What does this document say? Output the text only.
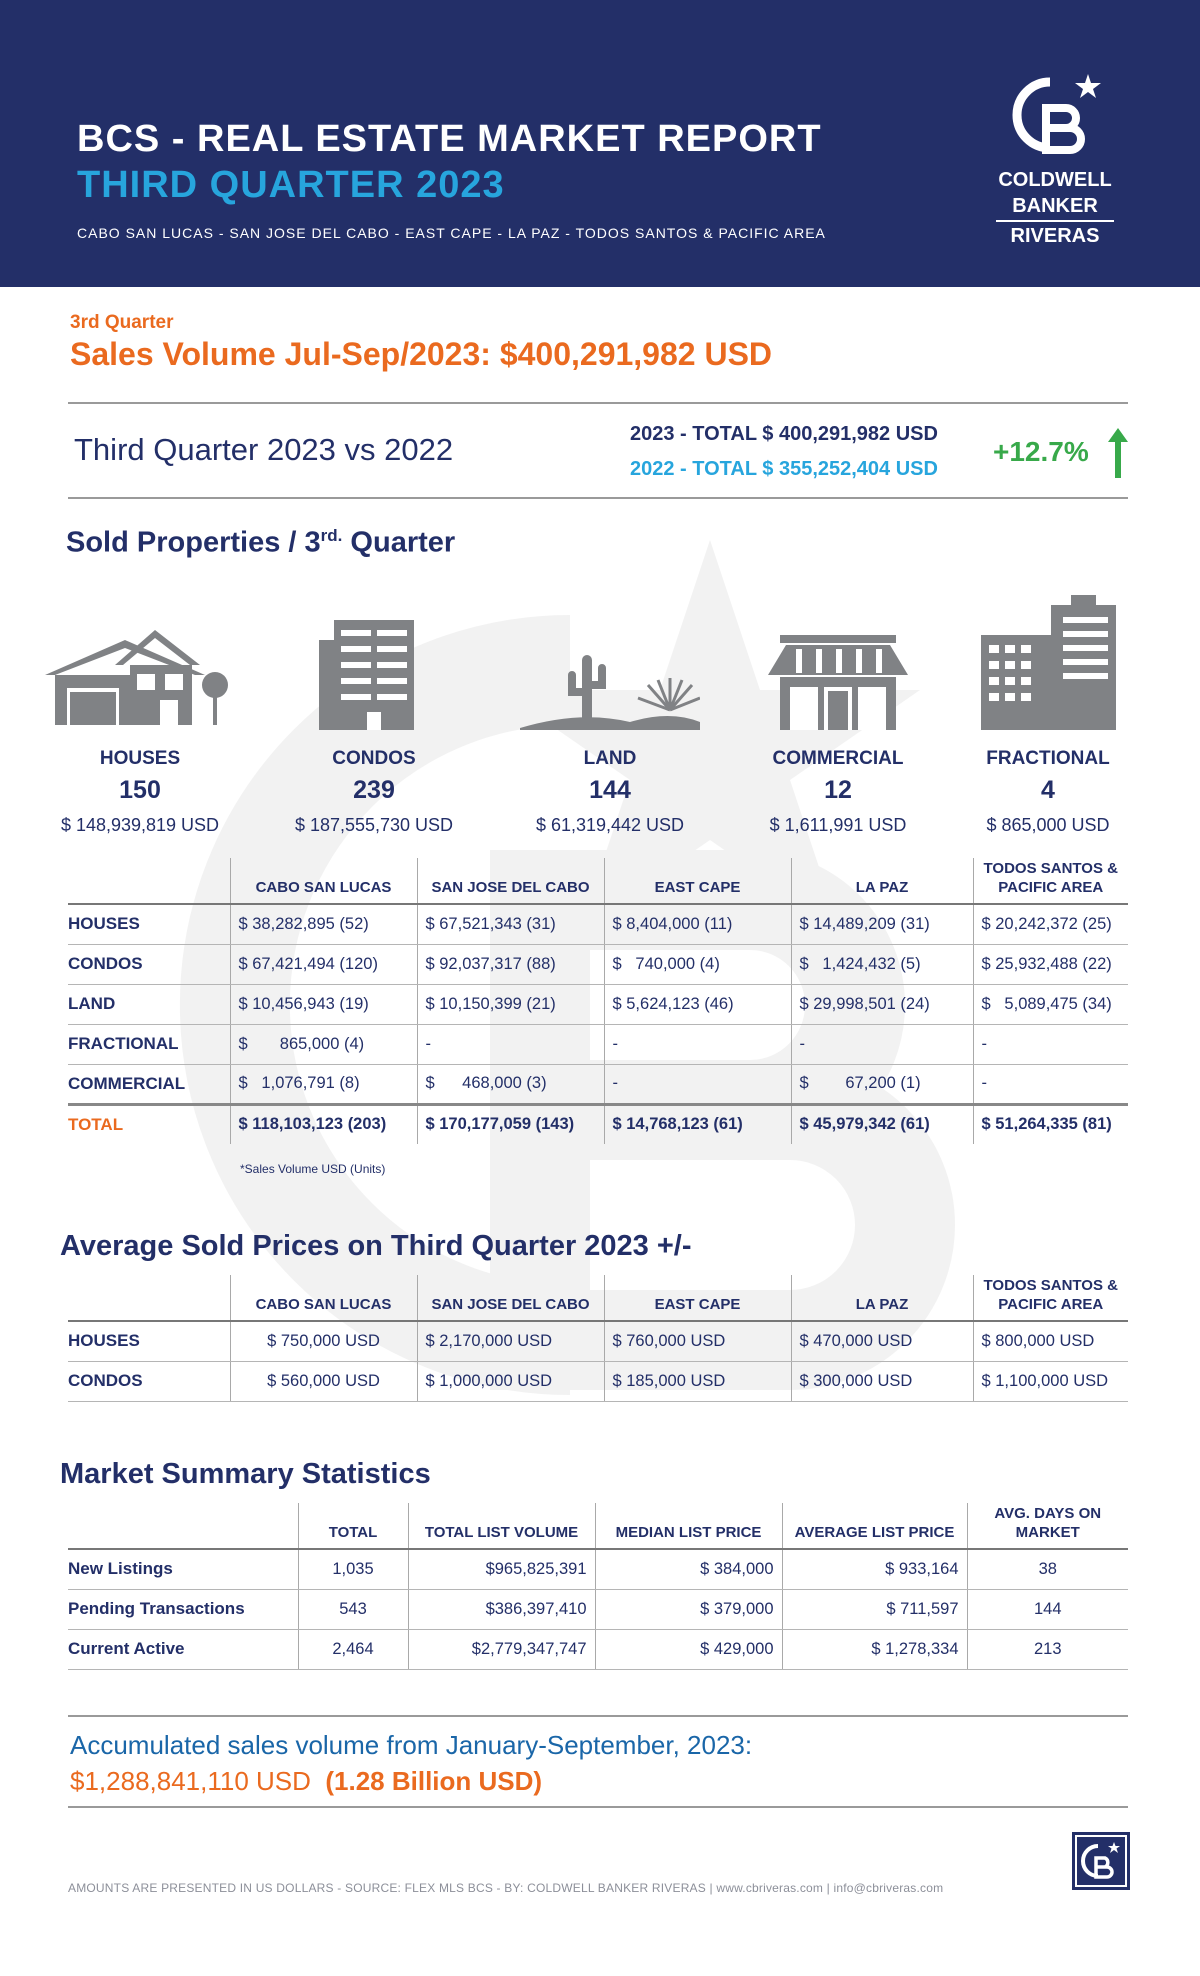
BCS - REAL ESTATE MARKET REPORT
THIRD QUARTER 2023
CABO SAN LUCAS - SAN JOSE DEL CABO - EAST CAPE - LA PAZ - TODOS SANTOS & PACIFIC AREA
COLDWELL
BANKER
RIVERAS
3rd Quarter
Sales Volume Jul-Sep/2023: $400,291,982 USD
Third Quarter 2023 vs 2022	2023 - TOTAL $ 400,291,982 USD
2022 - TOTAL $ 355,252,404 USD
+12.7%
Sold Properties / $3^{rd.}$ Quarter
HOUSES
150
$ 148,939,819 USD
CONDOS
239
$ 187,555,730 USD
LAND
144
$ 61,319,442 USD
COMMERCIAL
12
$ 1,611,991 USD
FRACTIONAL
4
$ 865,000 USD
	CABO SAN LUCAS	SAN JOSE DEL CABO	EAST CAPE	LA PAZ	TODOS SANTOS & PACIFIC AREA
HOUSES	$ 38,282,895 (52)	$ 67,521,343 (31)	$ 8,404,000 (11)	$ 14,489,209 (31)	$ 20,242,372 (25)
CONDOS	$ 67,421,494 (120)	$ 92,037,317 (88)	$   740,000 (4)	$   1,424,432 (5)	$ 25,932,488 (22)
LAND	$ 10,456,943 (19)	$ 10,150,399 (21)	$ 5,624,123 (46)	$ 29,998,501 (24)	$   5,089,475 (34)
FRACTIONAL	$       865,000 (4)	-	-	-	-
COMMERCIAL	$   1,076,791 (8)	$      468,000 (3)	-	$        67,200 (1)	-
TOTAL	$ 118,103,123 (203)	$ 170,177,059 (143)	$ 14,768,123 (61)	$ 45,979,342 (61)	$ 51,264,335 (81)
*Sales Volume USD (Units)
Average Sold Prices on Third Quarter 2023 +/-
	CABO SAN LUCAS	SAN JOSE DEL CABO	EAST CAPE	LA PAZ	TODOS SANTOS & PACIFIC AREA
HOUSES	$ 750,000 USD	$ 2,170,000 USD	$ 760,000 USD	$ 470,000 USD	$ 800,000 USD
CONDOS	$ 560,000 USD	$ 1,000,000 USD	$ 185,000 USD	$ 300,000 USD	$ 1,100,000 USD
Market Summary Statistics
	TOTAL	TOTAL LIST VOLUME	MEDIAN LIST PRICE	AVERAGE LIST PRICE	AVG. DAYS ON MARKET
New Listings	1,035	$965,825,391	$ 384,000	$ 933,164	38
Pending Transactions	543	$386,397,410	$ 379,000	$ 711,597	144
Current Active	2,464	$2,779,347,747	$ 429,000	$ 1,278,334	213
Accumulated sales volume from January-September, 2023:
$1,288,841,110 USD (1.28 Billion USD)
AMOUNTS ARE PRESENTED IN US DOLLARS - SOURCE: FLEX MLS BCS - BY: COLDWELL BANKER RIVERAS | www.cbriveras.com | info@cbriveras.com
